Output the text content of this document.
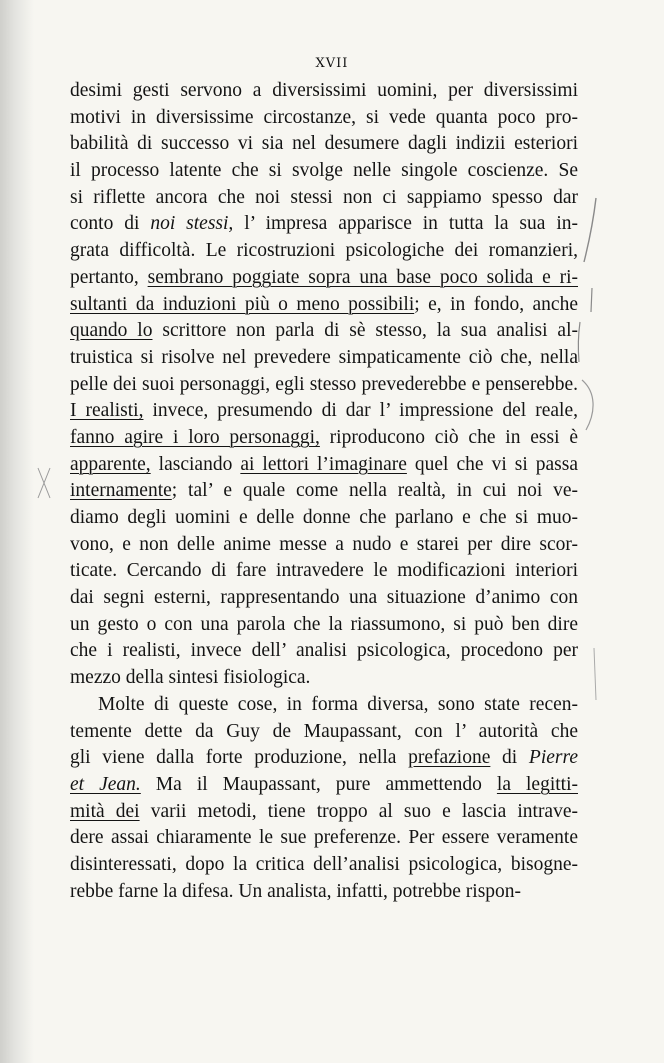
XVII
desimi gesti servono a diversissimi uomini, per diversissimi
motivi in diversissime circostanze, si vede quanta poco pro-
babilità di successo vi sia nel desumere dagli indizii esteriori
il processo latente che si svolge nelle singole coscienze. Se
si riflette ancora che noi stessi non ci sappiamo spesso dar
conto di noi stessi, l’ impresa apparisce in tutta la sua in-
grata difficoltà. Le ricostruzioni psicologiche dei romanzieri,
pertanto, sembrano poggiate sopra una base poco solida e ri-
sultanti da induzioni più o meno possibili; e, in fondo, anche
quando lo scrittore non parla di sè stesso, la sua analisi al-
truistica si risolve nel prevedere simpaticamente ciò che, nella
pelle dei suoi personaggi, egli stesso prevederebbe e penserebbe.
I realisti, invece, presumendo di dar l’ impressione del reale,
fanno agire i loro personaggi, riproducono ciò che in essi è
apparente, lasciando ai lettori l’imaginare quel che vi si passa
internamente; tal’ e quale come nella realtà, in cui noi ve-
diamo degli uomini e delle donne che parlano e che si muo-
vono, e non delle anime messe a nudo e starei per dire scor-
ticate. Cercando di fare intravedere le modificazioni interiori
dai segni esterni, rappresentando una situazione d’animo con
un gesto o con una parola che la riassumono, si può ben dire
che i realisti, invece dell’ analisi psicologica, procedono per
mezzo della sintesi fisiologica.
Molte di queste cose, in forma diversa, sono state recen-
temente dette da Guy de Maupassant, con l’ autorità che
gli viene dalla forte produzione, nella prefazione di Pierre
et Jean. Ma il Maupassant, pure ammettendo la legitti-
mità dei varii metodi, tiene troppo al suo e lascia intrave-
dere assai chiaramente le sue preferenze. Per essere veramente
disinteressati, dopo la critica dell’analisi psicologica, bisogne-
rebbe farne la difesa. Un analista, infatti, potrebbe rispon-
